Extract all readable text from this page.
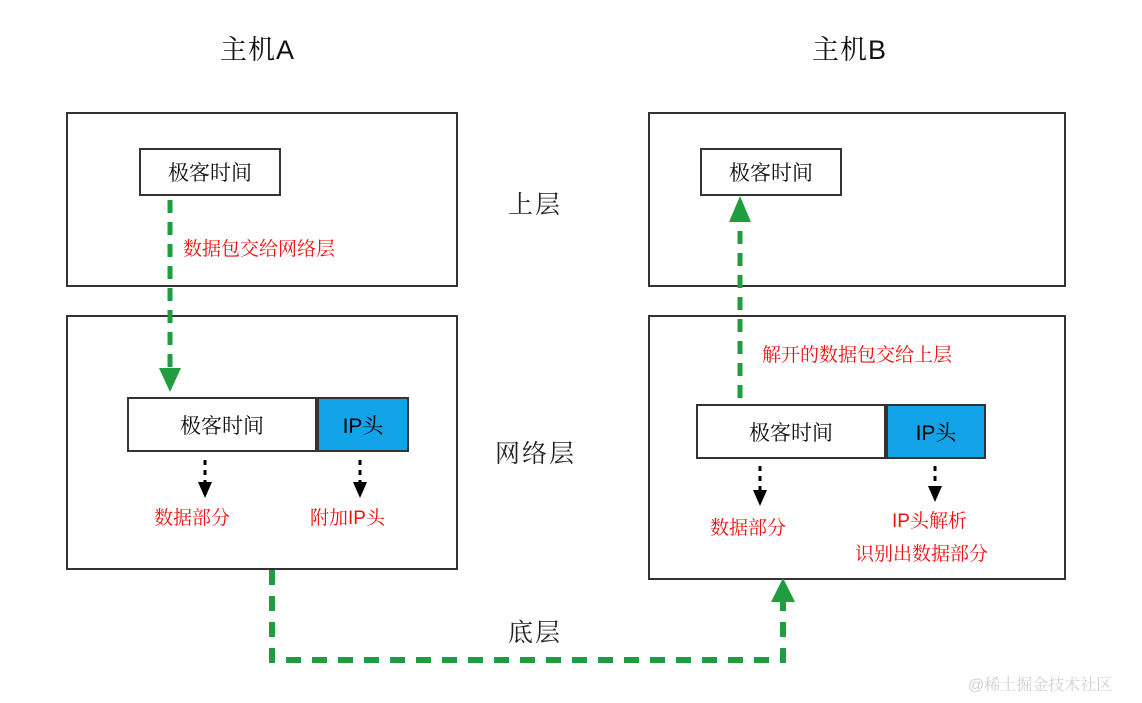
主机A	主机B
上层
网络层
底层
极客时间
数据包交给网络层
极客时间	IP头
数据部分	附加IP头
极客时间
解开的数据包交给上层
极客时间	IP头
数据部分	IP头解析
识别出数据部分
@稀土掘金技术社区
